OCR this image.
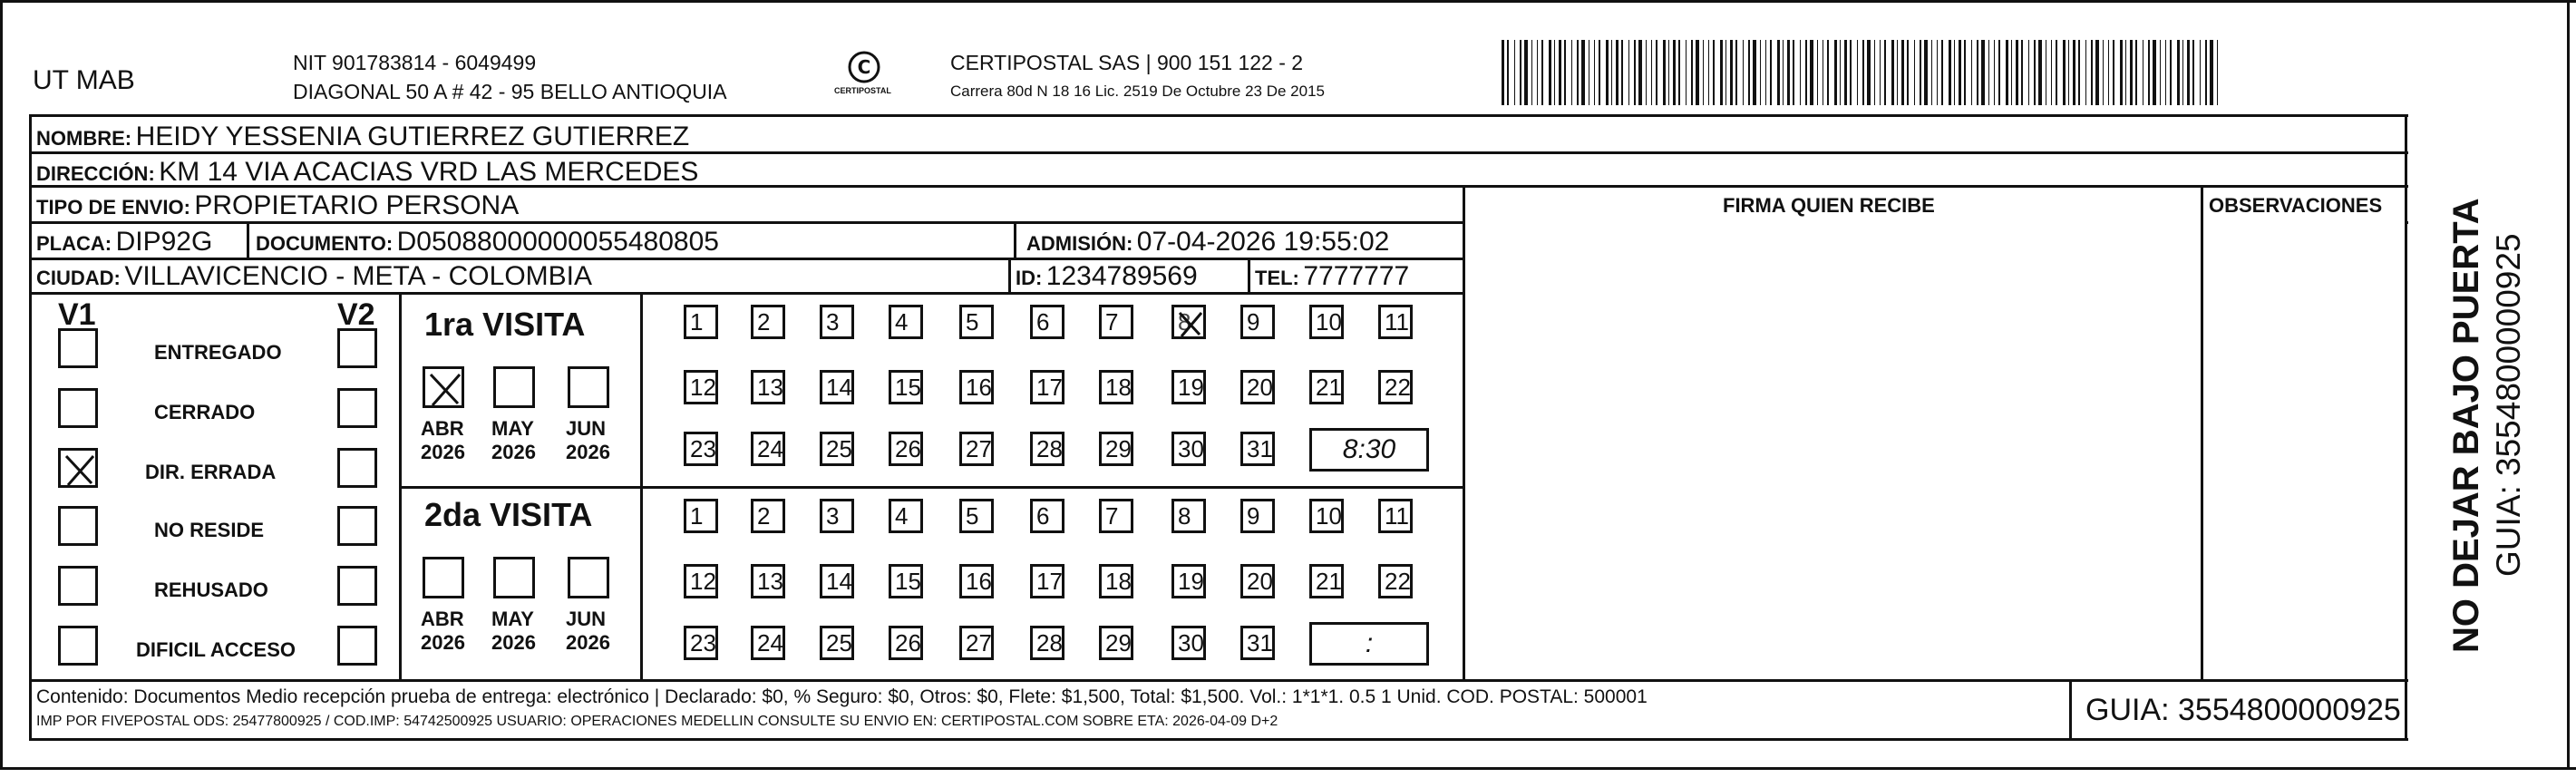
UT MAB
NIT 901783814 - 6049499
DIAGONAL 50 A # 42 - 95 BELLO ANTIOQUIA
C
CERTIPOSTAL
CERTIPOSTAL SAS | 900 151 122 - 2
Carrera 80d N 18 16 Lic. 2519 De Octubre 23 De 2015
NOMBRE: HEIDY YESSENIA GUTIERREZ GUTIERREZ
DIRECCIÓN: KM 14 VIA ACACIAS VRD LAS MERCEDES
TIPO DE ENVIO: PROPIETARIO PERSONA
PLACA: DIP92G DOCUMENTO: D05088000000055480805	ADMISIÓN: 07-04-2026 19:55:02
CIUDAD: VILLAVICENCIO - META - COLOMBIA	ID: 1234789569	TEL: 7777777
FIRMA QUIEN RECIBE	OBSERVACIONES
V1	V2
ENTREGADO
CERRADO
DIR. ERRADA
NO RESIDE
REHUSADO
DIFICIL ACCESO
1ra VISITA
ABR
2026
MAY
2026
JUN
2026
1	2	3	4	5	6	7	8	9	10 11
12 13 14 15 16 17 18 19 20 21 22
23 24 25 26 27 28 29 30 31	8:30
2da VISITA
ABR
2026
MAY
2026
JUN
2026
1	2	3	4	5	6	7	8	9	10 11
12 13 14 15 16 17 18 19 20 21 22
23 24 25 26 27 28 29 30 31	:
Contenido: Documentos Medio recepción prueba de entrega: electrónico | Declarado: $0, % Seguro: $0, Otros: $0, Flete: $1,500, Total: $1,500. Vol.: 1*1*1. 0.5 1 Unid. COD. POSTAL: 500001
IMP POR FIVEPOSTAL ODS: 25477800925 / COD.IMP: 54742500925 USUARIO: OPERACIONES MEDELLIN CONSULTE SU ENVIO EN: CERTIPOSTAL.COM SOBRE ETA: 2026-04-09 D+2	GUIA: 3554800000925
NO DEJAR BAJO PUERTA GUIA: 3554800000925
